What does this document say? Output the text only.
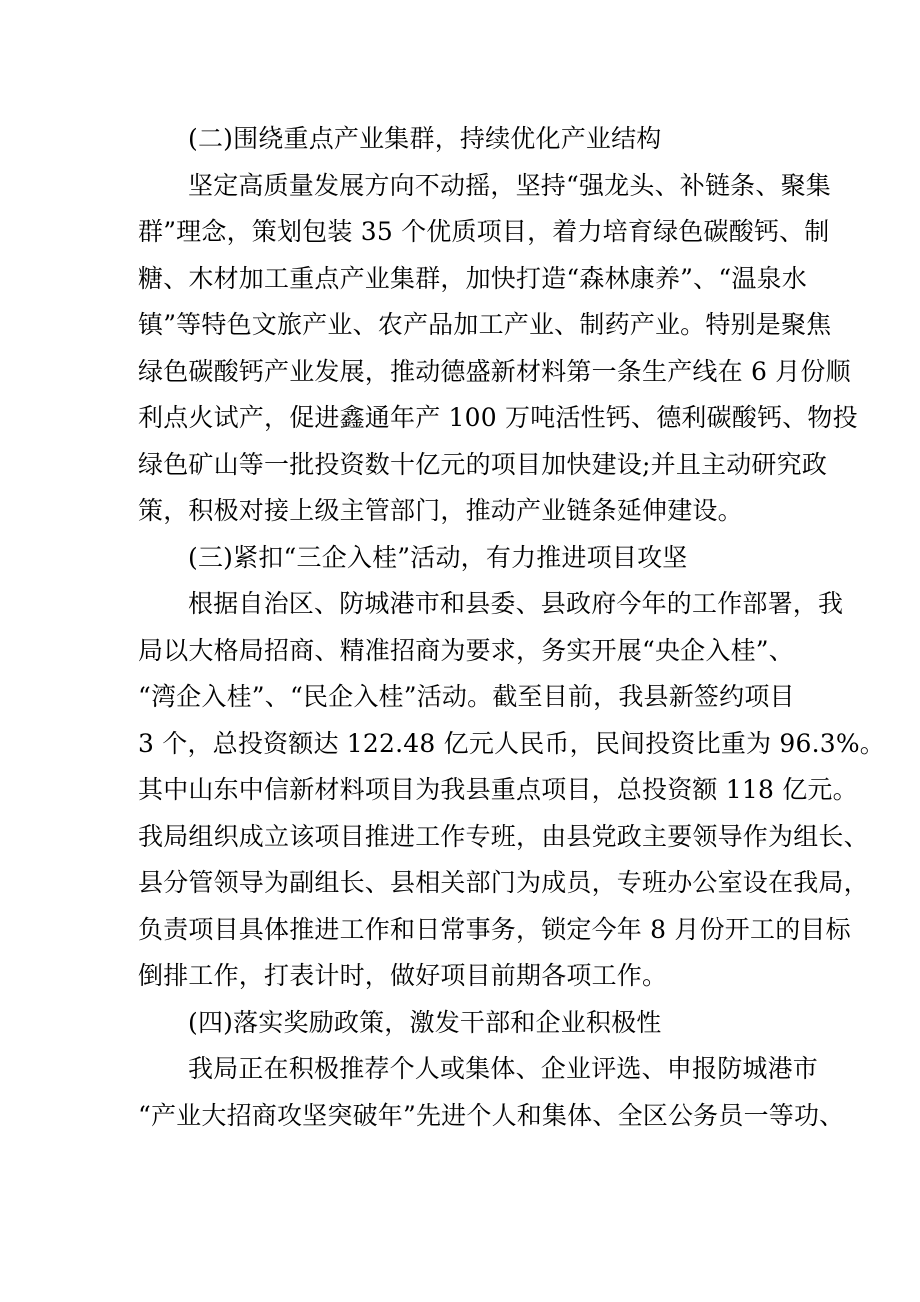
(二)围绕重点产业集群，持续优化产业结构
坚定高质量发展方向不动摇，坚持“强龙头、补链条、聚集
群”理念，策划包装 35 个优质项目，着力培育绿色碳酸钙、制
糖、木材加工重点产业集群，加快打造“森林康养”、“温泉水
镇”等特色文旅产业、农产品加工产业、制药产业。特别是聚焦
绿色碳酸钙产业发展，推动德盛新材料第一条生产线在 6 月份顺
利点火试产，促进鑫通年产 100 万吨活性钙、德利碳酸钙、物投
绿色矿山等一批投资数十亿元的项目加快建设;并且主动研究政
策，积极对接上级主管部门，推动产业链条延伸建设。
(三)紧扣“三企入桂”活动，有力推进项目攻坚
根据自治区、防城港市和县委、县政府今年的工作部署，我
局以大格局招商、精准招商为要求，务实开展“央企入桂”、
“湾企入桂”、“民企入桂”活动。截至目前，我县新签约项目
3 个，总投资额达 122.48 亿元人民币，民间投资比重为 96.3%。
其中山东中信新材料项目为我县重点项目，总投资额 118 亿元。
我局组织成立该项目推进工作专班，由县党政主要领导作为组长、
县分管领导为副组长、县相关部门为成员，专班办公室设在我局，
负责项目具体推进工作和日常事务，锁定今年 8 月份开工的目标
倒排工作，打表计时，做好项目前期各项工作。
(四)落实奖励政策，激发干部和企业积极性
我局正在积极推荐个人或集体、企业评选、申报防城港市
“产业大招商攻坚突破年”先进个人和集体、全区公务员一等功、
